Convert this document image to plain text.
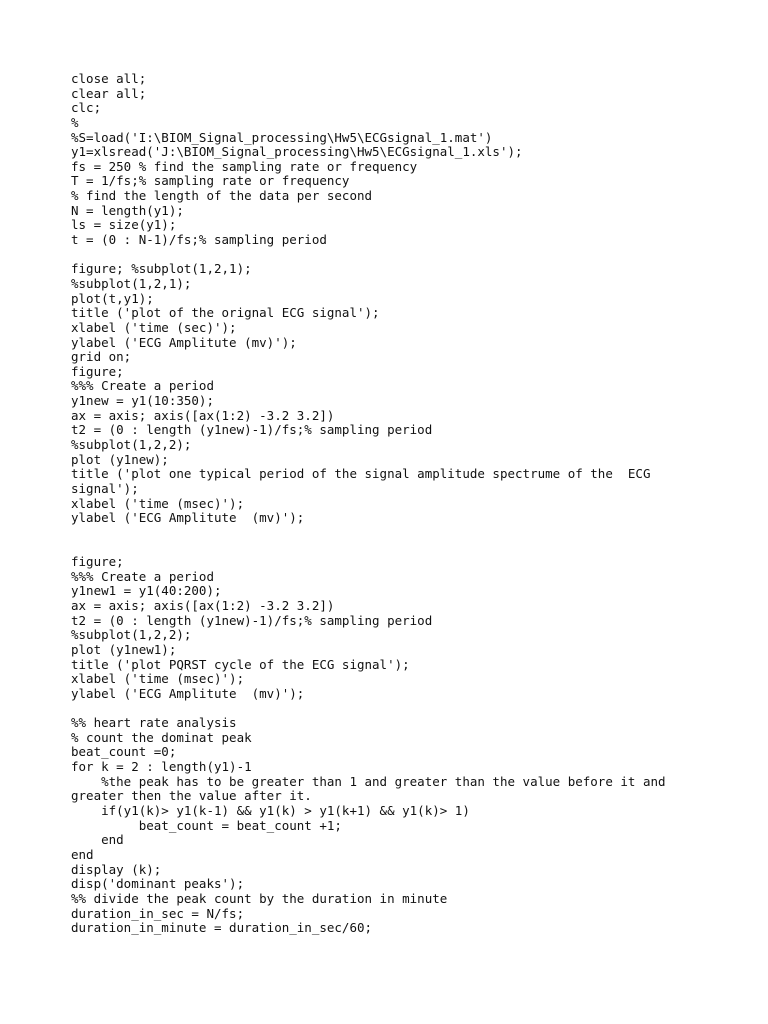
close all;
clear all;
clc;
%
%S=load('I:\BIOM_Signal_processing\Hw5\ECGsignal_1.mat')
y1=xlsread('J:\BIOM_Signal_processing\Hw5\ECGsignal_1.xls');
fs = 250 % find the sampling rate or frequency
T = 1/fs;% sampling rate or frequency
% find the length of the data per second
N = length(y1);
ls = size(y1);
t = (0 : N-1)/fs;% sampling period
figure; %subplot(1,2,1);
%subplot(1,2,1);
plot(t,y1);
title ('plot of the orignal ECG signal');
xlabel ('time (sec)');
ylabel ('ECG Amplitute (mv)');
grid on;
figure;
%%% Create a period
y1new = y1(10:350);
ax = axis; axis([ax(1:2) -3.2 3.2])
t2 = (0 : length (y1new)-1)/fs;% sampling period
%subplot(1,2,2);
plot (y1new);
title ('plot one typical period of the signal amplitude spectrume of the  ECG
signal');
xlabel ('time (msec)');
ylabel ('ECG Amplitute  (mv)');
figure;
%%% Create a period
y1new1 = y1(40:200);
ax = axis; axis([ax(1:2) -3.2 3.2])
t2 = (0 : length (y1new)-1)/fs;% sampling period
%subplot(1,2,2);
plot (y1new1);
title ('plot PQRST cycle of the ECG signal');
xlabel ('time (msec)');
ylabel ('ECG Amplitute  (mv)');
%% heart rate analysis
% count the dominat peak
beat_count =0;
for k = 2 : length(y1)-1
%the peak has to be greater than 1 and greater than the value before it and
greater then the value after it.
if(y1(k)> y1(k-1) && y1(k) > y1(k+1) && y1(k)> 1)
beat_count = beat_count +1;
end
end
display (k);
disp('dominant peaks');
%% divide the peak count by the duration in minute
duration_in_sec = N/fs;
duration_in_minute = duration_in_sec/60;
